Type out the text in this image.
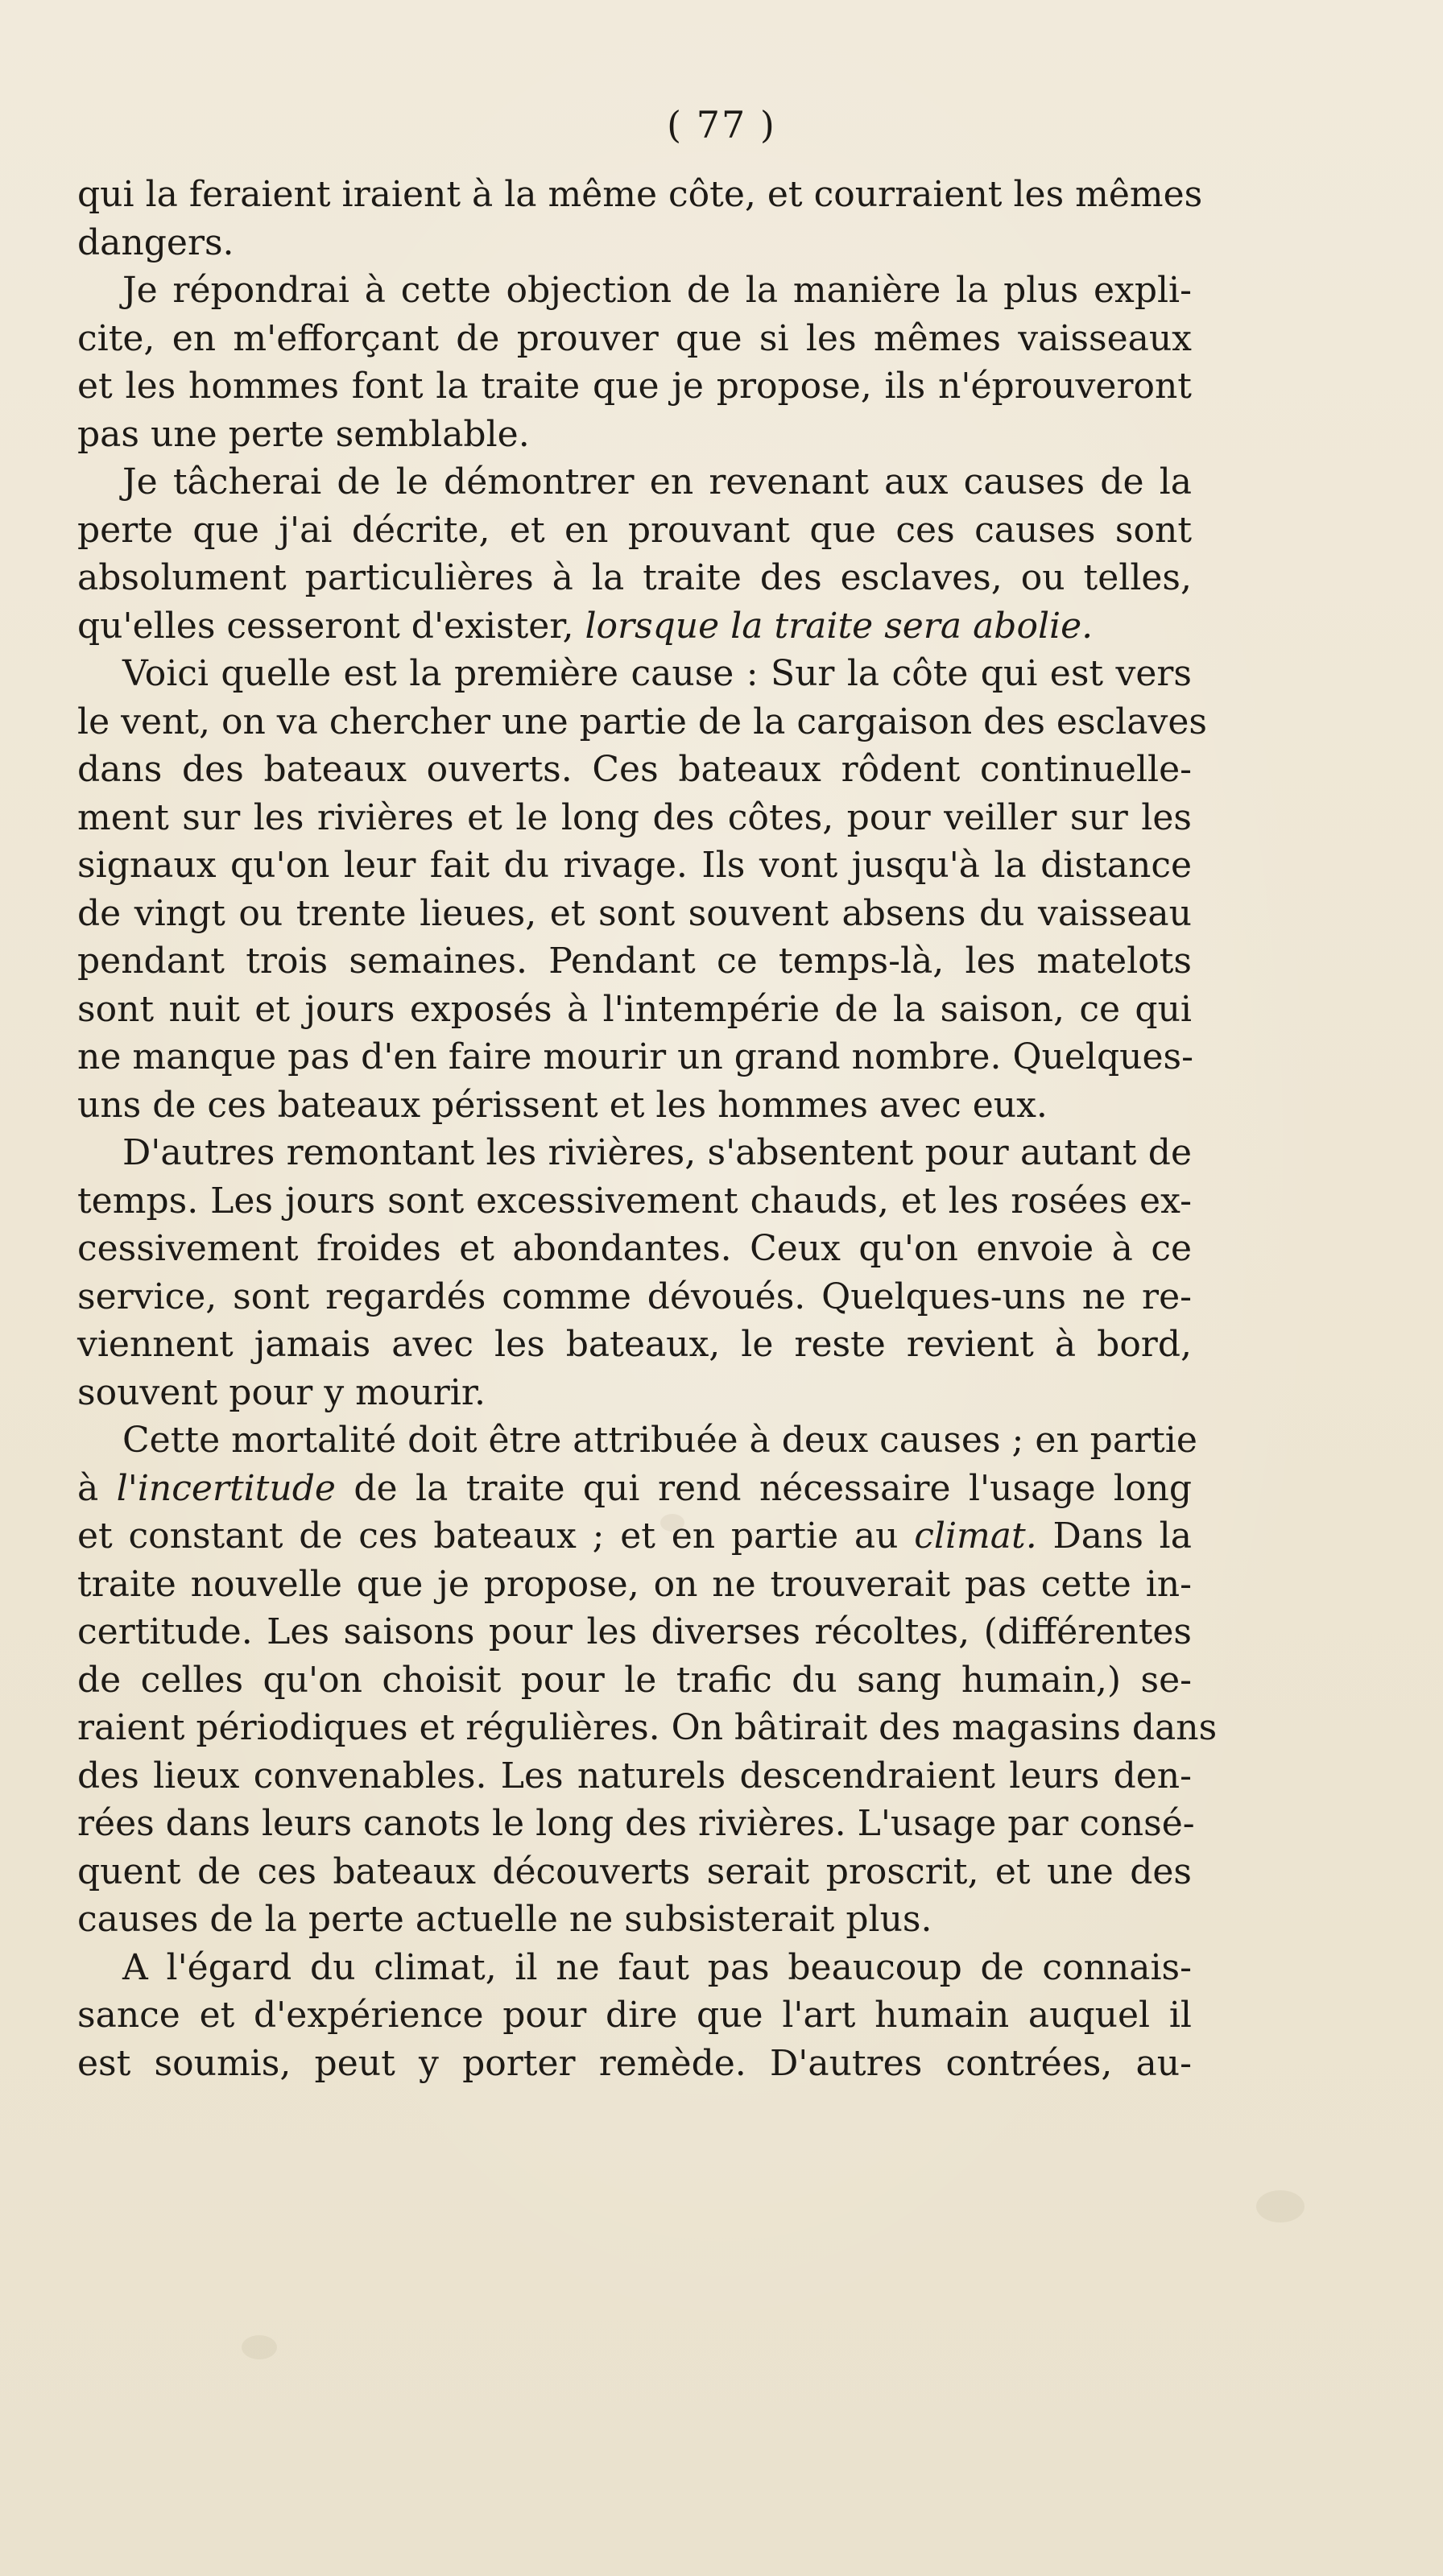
( 77 )
qui la feraient iraient à la même côte, et courraient les mêmes
dangers.
Je répondrai à cette objection de la manière la plus expli-
cite, en m'efforçant de prouver que si les mêmes vaisseaux
et les hommes font la traite que je propose, ils n'éprouveront
pas une perte semblable.
Je tâcherai de le démontrer en revenant aux causes de la
perte que j'ai décrite, et en prouvant que ces causes sont
absolument particulières à la traite des esclaves, ou telles,
qu'elles cesseront d'exister, lorsque la traite sera abolie.
Voici quelle est la première cause : Sur la côte qui est vers
le vent, on va chercher une partie de la cargaison des esclaves
dans des bateaux ouverts. Ces bateaux rôdent continuelle-
ment sur les rivières et le long des côtes, pour veiller sur les
signaux qu'on leur fait du rivage. Ils vont jusqu'à la distance
de vingt ou trente lieues, et sont souvent absens du vaisseau
pendant trois semaines. Pendant ce temps-là, les matelots
sont nuit et jours exposés à l'intempérie de la saison, ce qui
ne manque pas d'en faire mourir un grand nombre. Quelques-
uns de ces bateaux périssent et les hommes avec eux.
D'autres remontant les rivières, s'absentent pour autant de
temps. Les jours sont excessivement chauds, et les rosées ex-
cessivement froides et abondantes. Ceux qu'on envoie à ce
service, sont regardés comme dévoués. Quelques-uns ne re-
viennent jamais avec les bateaux, le reste revient à bord,
souvent pour y mourir.
Cette mortalité doit être attribuée à deux causes ; en partie
à l'incertitude de la traite qui rend nécessaire l'usage long
et constant de ces bateaux ; et en partie au climat. Dans la
traite nouvelle que je propose, on ne trouverait pas cette in-
certitude. Les saisons pour les diverses récoltes, (différentes
de celles qu'on choisit pour le trafic du sang humain,) se-
raient périodiques et régulières. On bâtirait des magasins dans
des lieux convenables. Les naturels descendraient leurs den-
rées dans leurs canots le long des rivières. L'usage par consé-
quent de ces bateaux découverts serait proscrit, et une des
causes de la perte actuelle ne subsisterait plus.
A l'égard du climat, il ne faut pas beaucoup de connais-
sance et d'expérience pour dire que l'art humain auquel il
est soumis, peut y porter remède. D'autres contrées, au-
